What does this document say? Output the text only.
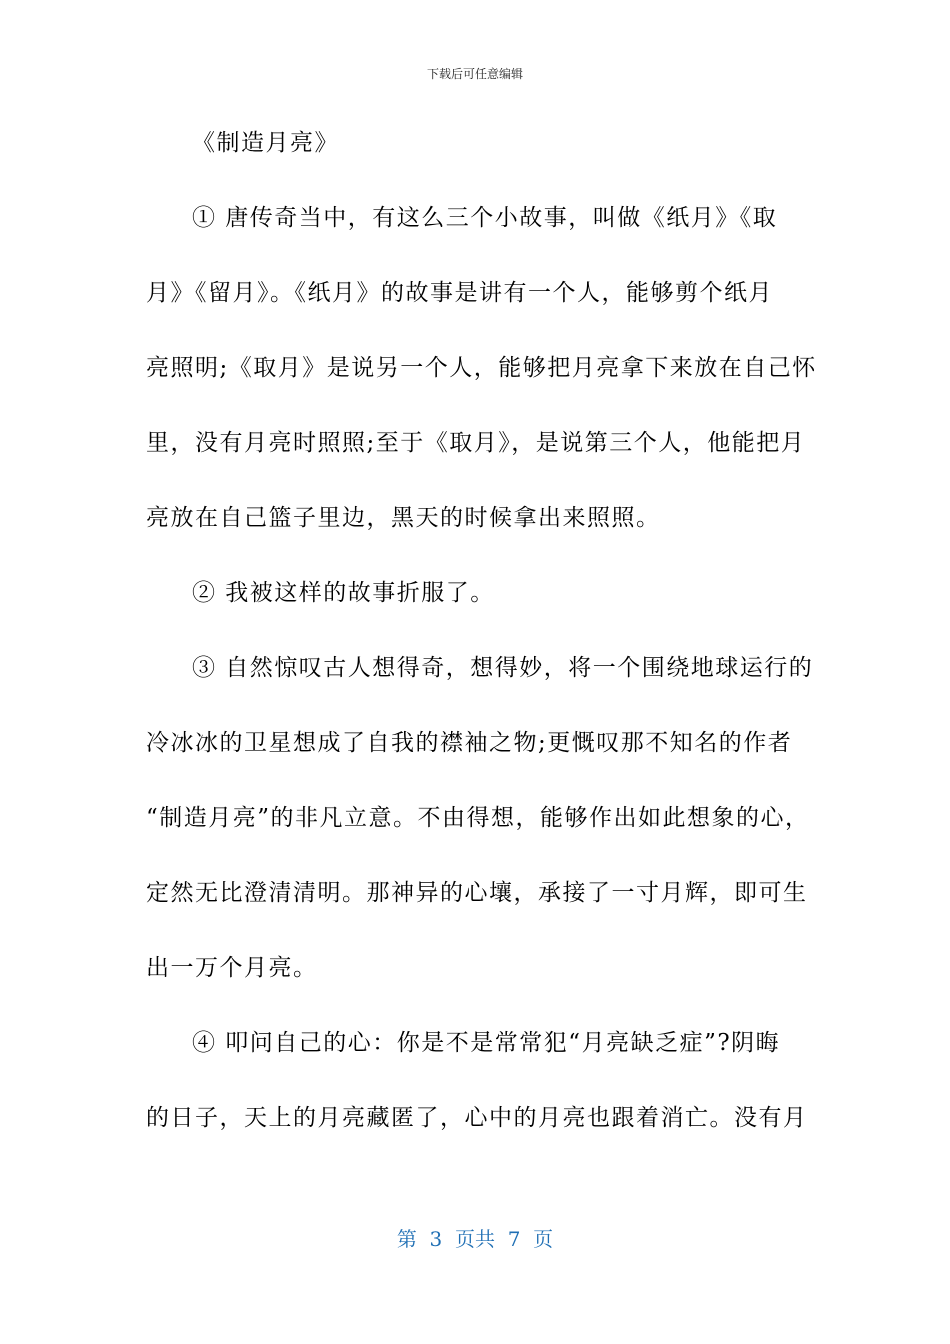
下载后可任意编辑
《制造月亮》
① 唐传奇当中，有这么三个小故事，叫做《纸月》《取
月》《留月》。《纸月》的故事是讲有一个人，能够剪个纸月
亮照明;《取月》是说另一个人，能够把月亮拿下来放在自己怀
里，没有月亮时照照;至于《取月》，是说第三个人，他能把月
亮放在自己篮子里边，黑天的时候拿出来照照。
② 我被这样的故事折服了。
③ 自然惊叹古人想得奇，想得妙，将一个围绕地球运行的
冷冰冰的卫星想成了自我的襟袖之物;更慨叹那不知名的作者
“制造月亮”的非凡立意。不由得想，能够作出如此想象的心，
定然无比澄清清明。那神异的心壤，承接了一寸月辉，即可生
出一万个月亮。
④ 叩问自己的心：你是不是常常犯“月亮缺乏症”?阴晦
的日子，天上的月亮藏匿了，心中的月亮也跟着消亡。没有月
第  3  页共  7  页
